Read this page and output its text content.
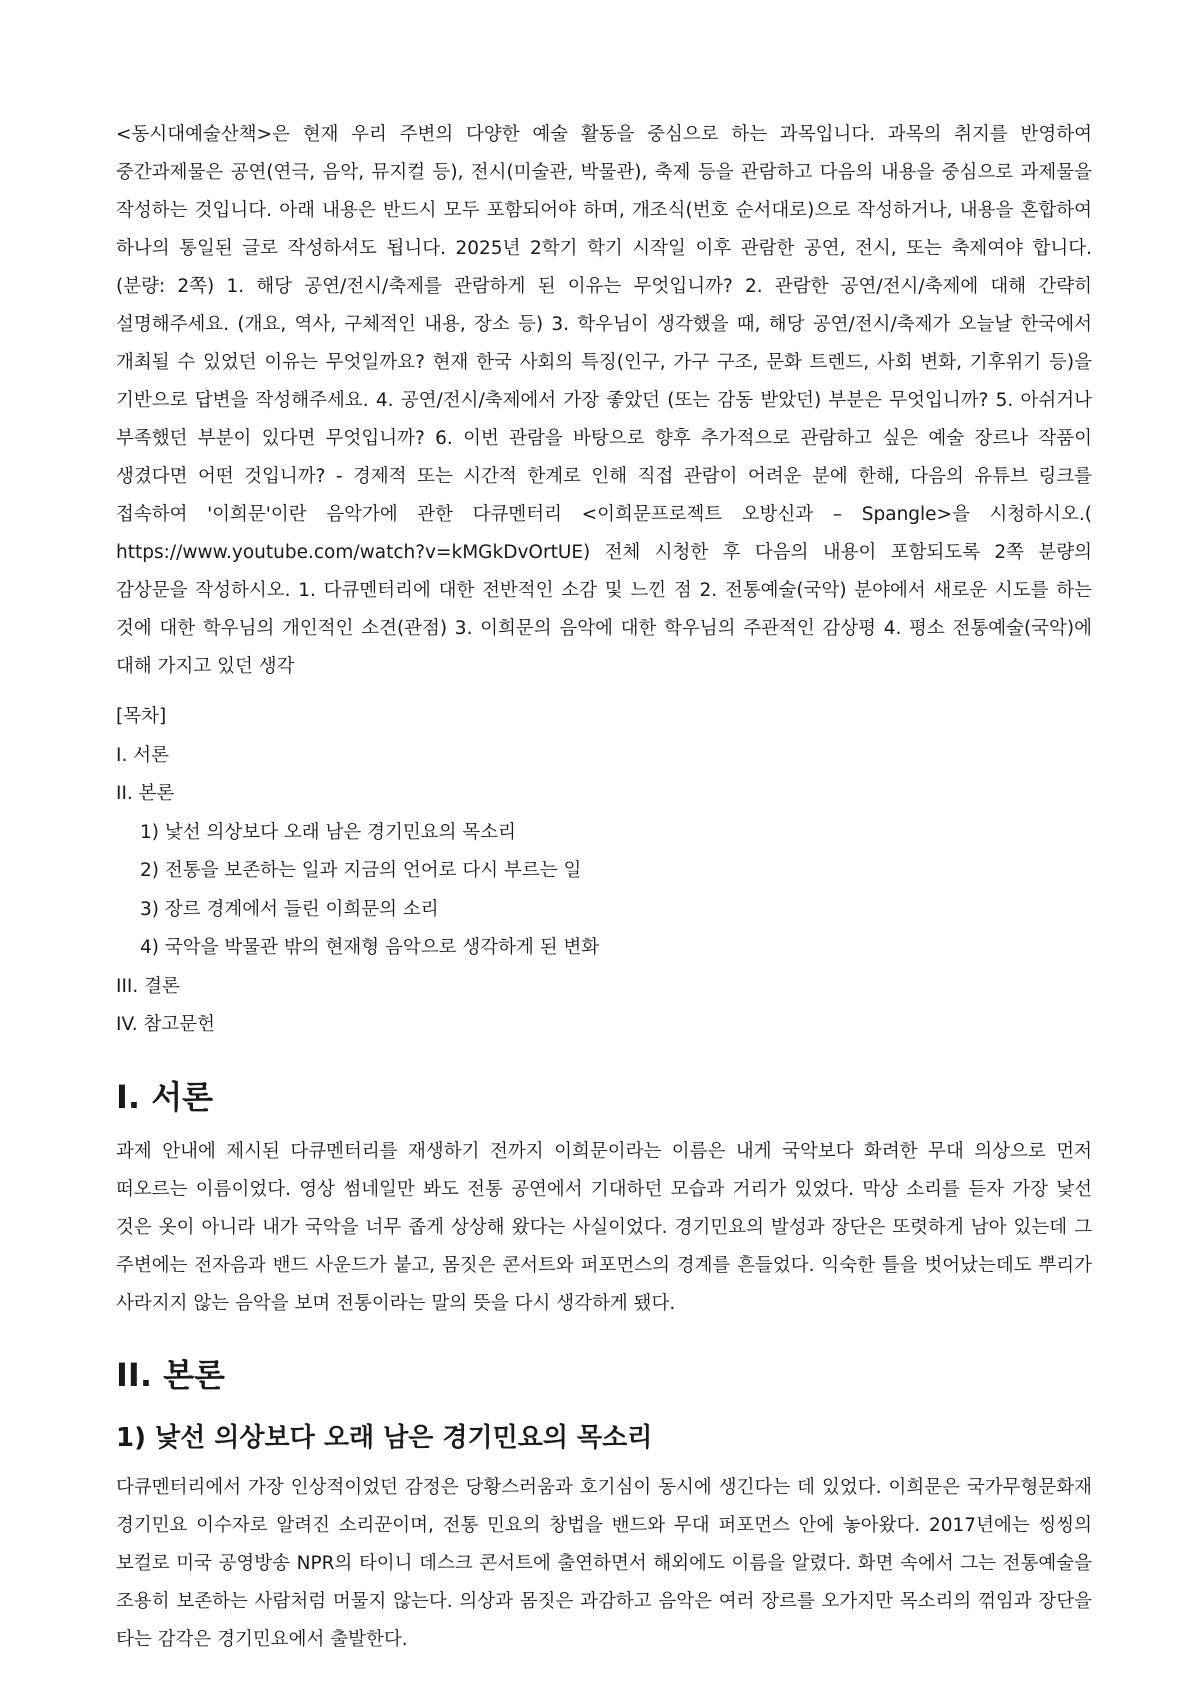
<동시대예술산책>은 현재 우리 주변의 다양한 예술 활동을 중심으로 하는 과목입니다. 과목의 취지를 반영하여 중간과제물은 공연(연극, 음악, 뮤지컬 등), 전시(미술관, 박물관), 축제 등을 관람하고 다음의 내용을 중심으로 과제물을 작성하는 것입니다. 아래 내용은 반드시 모두 포함되어야 하며, 개조식(번호 순서대로)으로 작성하거나, 내용을 혼합하여 하나의 통일된 글로 작성하셔도 됩니다. 2025년 2학기 학기 시작일 이후 관람한 공연, 전시, 또는 축제여야 합니다. (분량: 2쪽) 1. 해당 공연/전시/축제를 관람하게 된 이유는 무엇입니까? 2. 관람한 공연/전시/축제에 대해 간략히 설명해주세요. (개요, 역사, 구체적인 내용, 장소 등) 3. 학우님이 생각했을 때, 해당 공연/전시/축제가 오늘날 한국에서 개최될 수 있었던 이유는 무엇일까요? 현재 한국 사회의 특징(인구, 가구 구조, 문화 트렌드, 사회 변화, 기후위기 등)을 기반으로 답변을 작성해주세요. 4. 공연/전시/축제에서 가장 좋았던 (또는 감동 받았던) 부분은 무엇입니까? 5. 아쉬거나 부족했던 부분이 있다면 무엇입니까? 6. 이번 관람을 바탕으로 향후 추가적으로 관람하고 싶은 예술 장르나 작품이 생겼다면 어떤 것입니까? - 경제적 또는 시간적 한계로 인해 직접 관람이 어려운 분에 한해, 다음의 유튜브 링크를 접속하여 '이희문'이란 음악가에 관한 다큐멘터리 <이희문프로젝트 오방신과 – Spangle>을 시청하시오.( https://www.youtube.com/watch?v=kMGkDvOrtUE) 전체 시청한 후 다음의 내용이 포함되도록 2쪽 분량의 감상문을 작성하시오. 1. 다큐멘터리에 대한 전반적인 소감 및 느낀 점 2. 전통예술(국악) 분야에서 새로운 시도를 하는 것에 대한 학우님의 개인적인 소견(관점) 3. 이희문의 음악에 대한 학우님의 주관적인 감상평 4. 평소 전통예술(국악)에 대해 가지고 있던 생각

[목차]
I. 서론
II. 본론
1) 낯선 의상보다 오래 남은 경기민요의 목소리
2) 전통을 보존하는 일과 지금의 언어로 다시 부르는 일
3) 장르 경계에서 들린 이희문의 소리
4) 국악을 박물관 밖의 현재형 음악으로 생각하게 된 변화
III. 결론
IV. 참고문헌
I. 서론

과제 안내에 제시된 다큐멘터리를 재생하기 전까지 이희문이라는 이름은 내게 국악보다 화려한 무대 의상으로 먼저 떠오르는 이름이었다. 영상 썸네일만 봐도 전통 공연에서 기대하던 모습과 거리가 있었다. 막상 소리를 듣자 가장 낯선 것은 옷이 아니라 내가 국악을 너무 좁게 상상해 왔다는 사실이었다. 경기민요의 발성과 장단은 또렷하게 남아 있는데 그 주변에는 전자음과 밴드 사운드가 붙고, 몸짓은 콘서트와 퍼포먼스의 경계를 흔들었다. 익숙한 틀을 벗어났는데도 뿌리가 사라지지 않는 음악을 보며 전통이라는 말의 뜻을 다시 생각하게 됐다.

II. 본론
1) 낯선 의상보다 오래 남은 경기민요의 목소리

다큐멘터리에서 가장 인상적이었던 감정은 당황스러움과 호기심이 동시에 생긴다는 데 있었다. 이희문은 국가무형문화재 경기민요 이수자로 알려진 소리꾼이며, 전통 민요의 창법을 밴드와 무대 퍼포먼스 안에 놓아왔다. 2017년에는 씽씽의 보컬로 미국 공영방송 NPR의 타이니 데스크 콘서트에 출연하면서 해외에도 이름을 알렸다. 화면 속에서 그는 전통예술을 조용히 보존하는 사람처럼 머물지 않는다. 의상과 몸짓은 과감하고 음악은 여러 장르를 오가지만 목소리의 꺾임과 장단을 타는 감각은 경기민요에서 출발한다.
